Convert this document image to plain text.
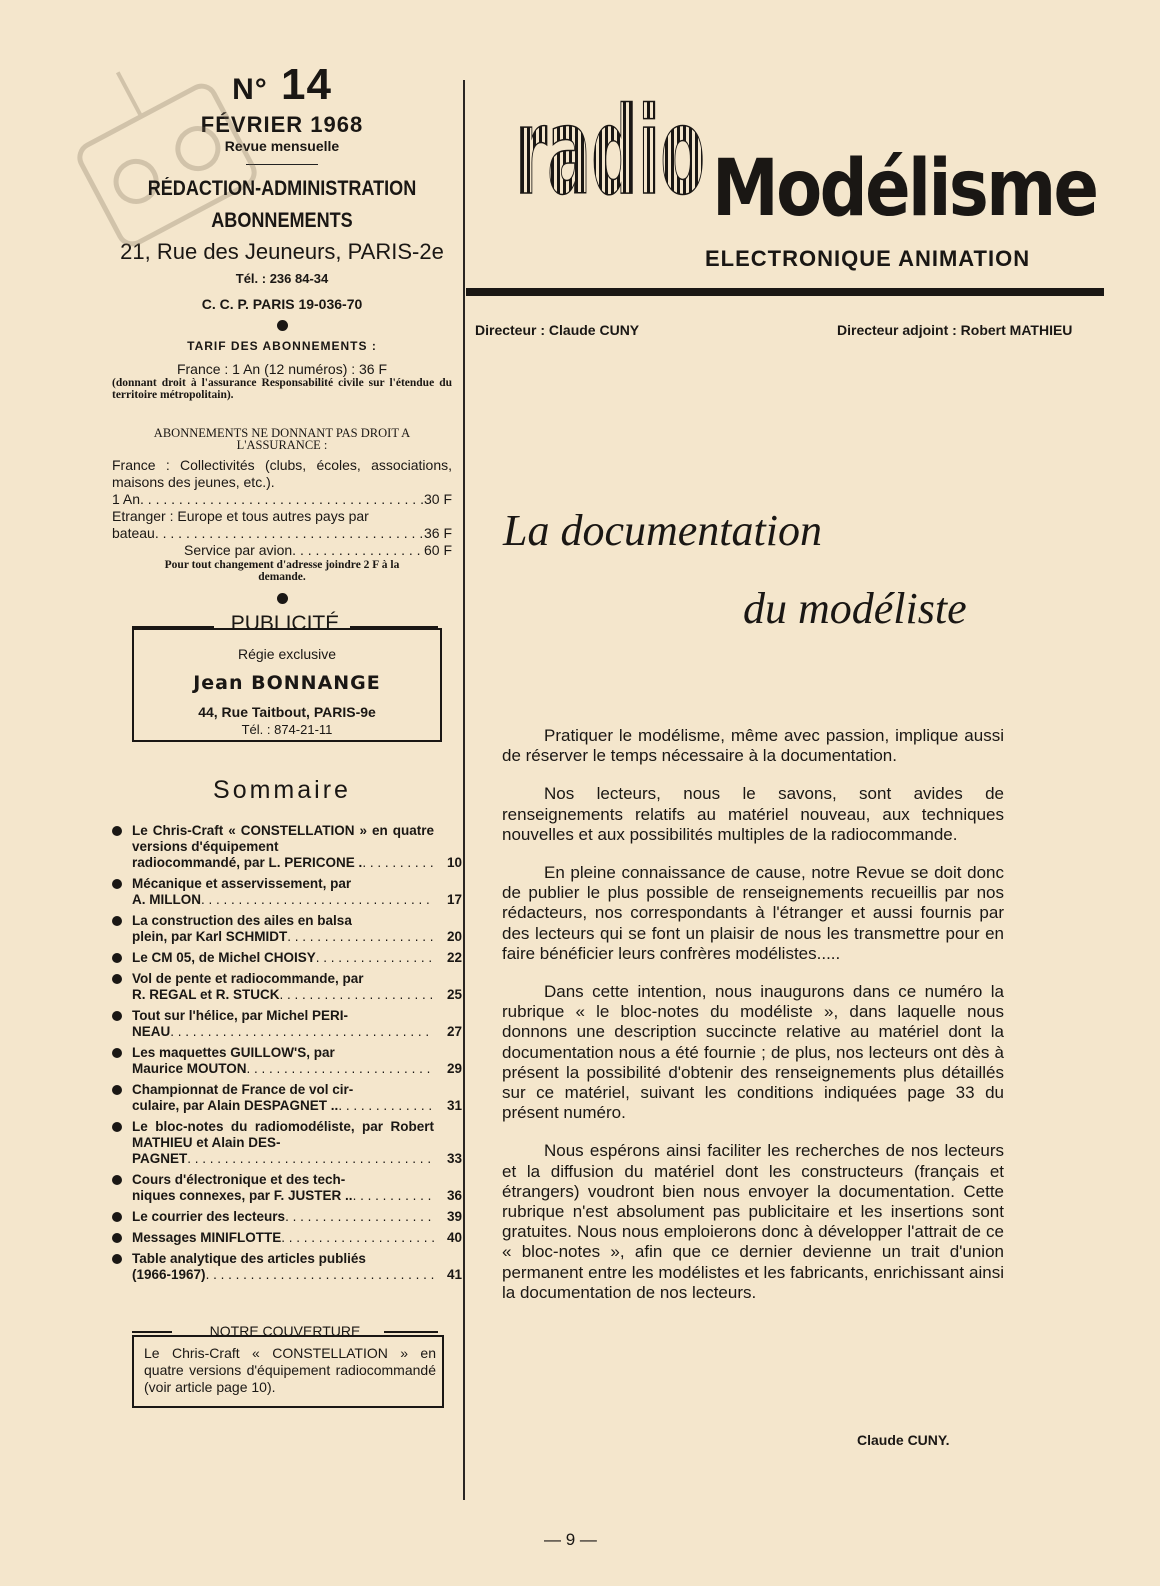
N° 14
FÉVRIER 1968
Revue mensuelle
RÉDACTION-ADMINISTRATION
ABONNEMENTS
21, Rue des Jeuneurs, PARIS-2e
Tél. : 236 84-34
C. C. P. PARIS 19-036-70
TARIF DES ABONNEMENTS :
France : 1 An (12 numéros) : 36 F
(donnant droit à l'assurance Responsabilité civile sur l'étendue du territoire métropolitain).
ABONNEMENTS NE DONNANT PAS DROIT A L'ASSURANCE :
France : Collectivités (clubs, écoles, associations, maisons des jeunes, etc.).
1 An . . .	30 F
Etranger : Europe et tous autres pays par
bateau . . .	36 F
Service par avion . . .	60 F
Pour tout changement d'adresse joindre 2 F à la demande.
PUBLICITÉ
Régie exclusive
Jean BONNANGE
44, Rue Taitbout, PARIS-9e
Tél. : 874-21-11
Sommaire
Le Chris-Craft « CONSTELLATION » en quatre versions d'équipement
radiocommandé, par L. PERICONE . . . .	10
Mécanique et asservissement, par
A. MILLON . . .	17
La construction des ailes en balsa
plein, par Karl SCHMIDT . . .	20
Le CM 05, de Michel CHOISY . . .	22
Vol de pente et radiocommande, par
R. REGAL et R. STUCK . . .	25
Tout sur l'hélice, par Michel PERI-
NEAU . . .	27
Les maquettes GUILLOW'S, par
Maurice MOUTON . . .	29
Championnat de France de vol cir-
culaire, par Alain DESPAGNET .. . . .	31
Le bloc-notes du radiomodéliste, par Robert MATHIEU et Alain DES-
PAGNET . . .	33
Cours d'électronique et des tech-
niques connexes, par F. JUSTER .. . . .	36
Le courrier des lecteurs . . .	39
Messages MINIFLOTTE . . .	40
Table analytique des articles publiés
(1966-1967) . . .	41
NOTRE COUVERTURE
Le Chris-Craft « CONSTELLATION » en quatre versions d'équipement radiocommandé (voir article page 10).
radio Modélisme
ELECTRONIQUE ANIMATION
Directeur : Claude CUNY	Directeur adjoint : Robert MATHIEU
La documentation
du modéliste

Pratiquer le modélisme, même avec passion, implique aussi de réserver le temps nécessaire à la documentation.

Nos lecteurs, nous le savons, sont avides de renseignements relatifs au matériel nouveau, aux techniques nouvelles et aux possibilités multiples de la radiocommande.

En pleine connaissance de cause, notre Revue se doit donc de publier le plus possible de renseignements recueillis par nos rédacteurs, nos correspondants à l'étranger et aussi fournis par des lecteurs qui se font un plaisir de nous les transmettre pour en faire bénéficier leurs confrères modélistes.....

Dans cette intention, nous inaugurons dans ce numéro la rubrique « le bloc-notes du modéliste », dans laquelle nous donnons une description succincte relative au matériel dont la documentation nous a été fournie ; de plus, nos lecteurs ont dès à présent la possibilité d'obtenir des renseignements plus détaillés sur ce matériel, suivant les conditions indiquées page 33 du présent numéro.

Nous espérons ainsi faciliter les recherches de nos lecteurs et la diffusion du matériel dont les constructeurs (français et étrangers) voudront bien nous envoyer la documentation. Cette rubrique n'est absolument pas publicitaire et les insertions sont gratuites. Nous nous emploierons donc à développer l'attrait de ce « bloc-notes », afin que ce dernier devienne un trait d'union permanent entre les modélistes et les fabricants, enrichissant ainsi la documentation de nos lecteurs.

Claude CUNY.
— 9 —
